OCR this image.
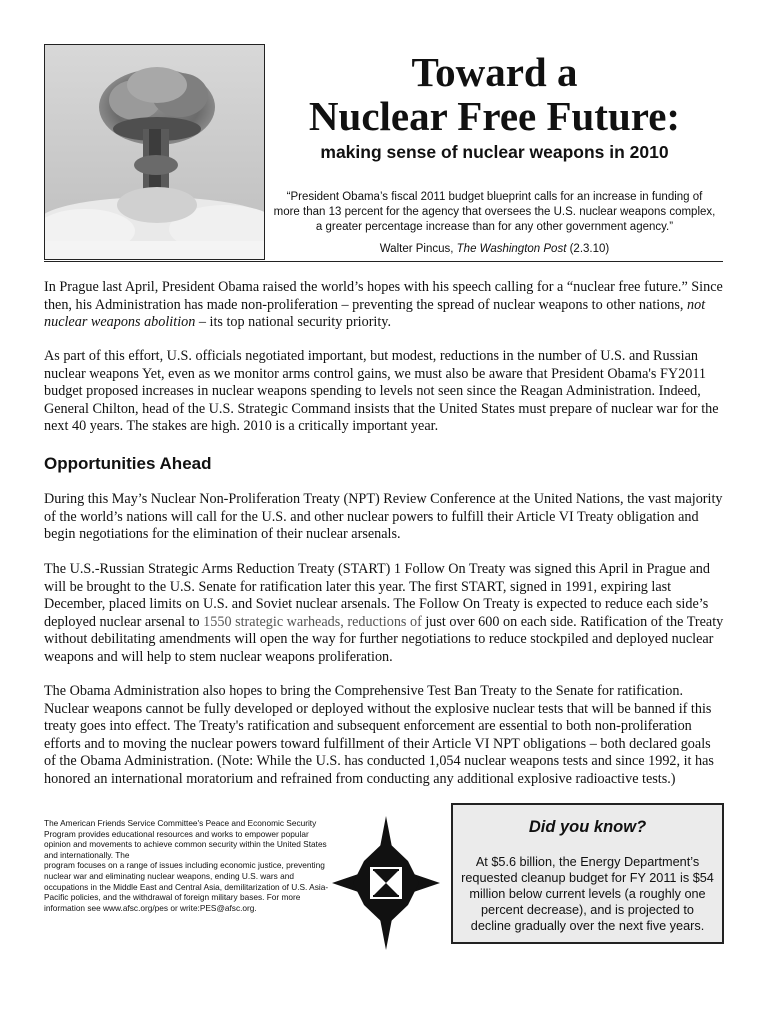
Toward a
Nuclear Free Future:
making sense of nuclear weapons in 2010
“President Obama’s fiscal 2011 budget blueprint calls for an increase in funding of more than 13 percent for the agency that oversees the U.S. nuclear weapons complex, a greater percentage increase than for any other government agency.”
Walter Pincus, The Washington Post (2.3.10)

In Prague last April, President Obama raised the world’s hopes with his speech calling for a “nuclear free future.” Since then, his Administration has made non-proliferation – preventing the spread of nuclear weapons to other nations, not nuclear weapons abolition – its top national security priority.

As part of this effort, U.S. officials negotiated important, but modest, reductions in the number of U.S. and Russian nuclear weapons Yet, even as we monitor arms control gains, we must also be aware that President Obama's FY2011 budget proposed increases in nuclear weapons spending to levels not seen since the Reagan Administration. Indeed, General Chilton, head of the U.S. Strategic Command insists that the United States must prepare of nuclear war for the next 40 years. The stakes are high. 2010 is a critically important year.

Opportunities Ahead

During this May’s Nuclear Non-Proliferation Treaty (NPT) Review Conference at the United Nations, the vast majority of the world’s nations will call for the U.S. and other nuclear powers to fulfill their Article VI Treaty obligation and begin negotiations for the elimination of their nuclear arsenals.

The U.S.-Russian Strategic Arms Reduction Treaty (START) 1 Follow On Treaty was signed this April in Prague and will be brought to the U.S. Senate for ratification later this year. The first START, signed in 1991, expiring last December, placed limits on U.S. and Soviet nuclear arsenals. The Follow On Treaty is expected to reduce each side’s deployed nuclear arsenal to 1550 strategic warheads, reductions of just over 600 on each side. Ratification of the Treaty without debilitating amendments will open the way for further negotiations to reduce stockpiled and deployed nuclear weapons and will help to stem nuclear weapons proliferation.

The Obama Administration also hopes to bring the Comprehensive Test Ban Treaty to the Senate for ratification. Nuclear weapons cannot be fully developed or deployed without the explosive nuclear tests that will be banned if this treaty goes into effect. The Treaty's ratification and subsequent enforcement are essential to both non-proliferation efforts and to moving the nuclear powers toward fulfillment of their Article VI NPT obligations – both declared goals of the Obama Administration. (Note: While the U.S. has conducted 1,054 nuclear weapons tests and since 1992, it has honored an international moratorium and refrained from conducting any additional explosive radioactive tests.)

The American Friends Service Committee's Peace and Economic Security Program provides educational resources and works to empower popular opinion and movements to achieve common security within the United States and internationally. The
program focuses on a range of issues including economic justice, preventing nuclear war and eliminating nuclear weapons, ending U.S. wars and occupations in the Middle East and Central Asia, demilitarization of U.S. Asia-Pacific policies, and the withdrawal of foreign military bases. For more information see www.afsc.org/pes or write:PES@afsc.org.
Did you know?
At $5.6 billion, the Energy Department’s requested cleanup budget for FY 2011 is $54 million below current levels (a roughly one percent decrease), and is projected to decline gradually over the next five years.
